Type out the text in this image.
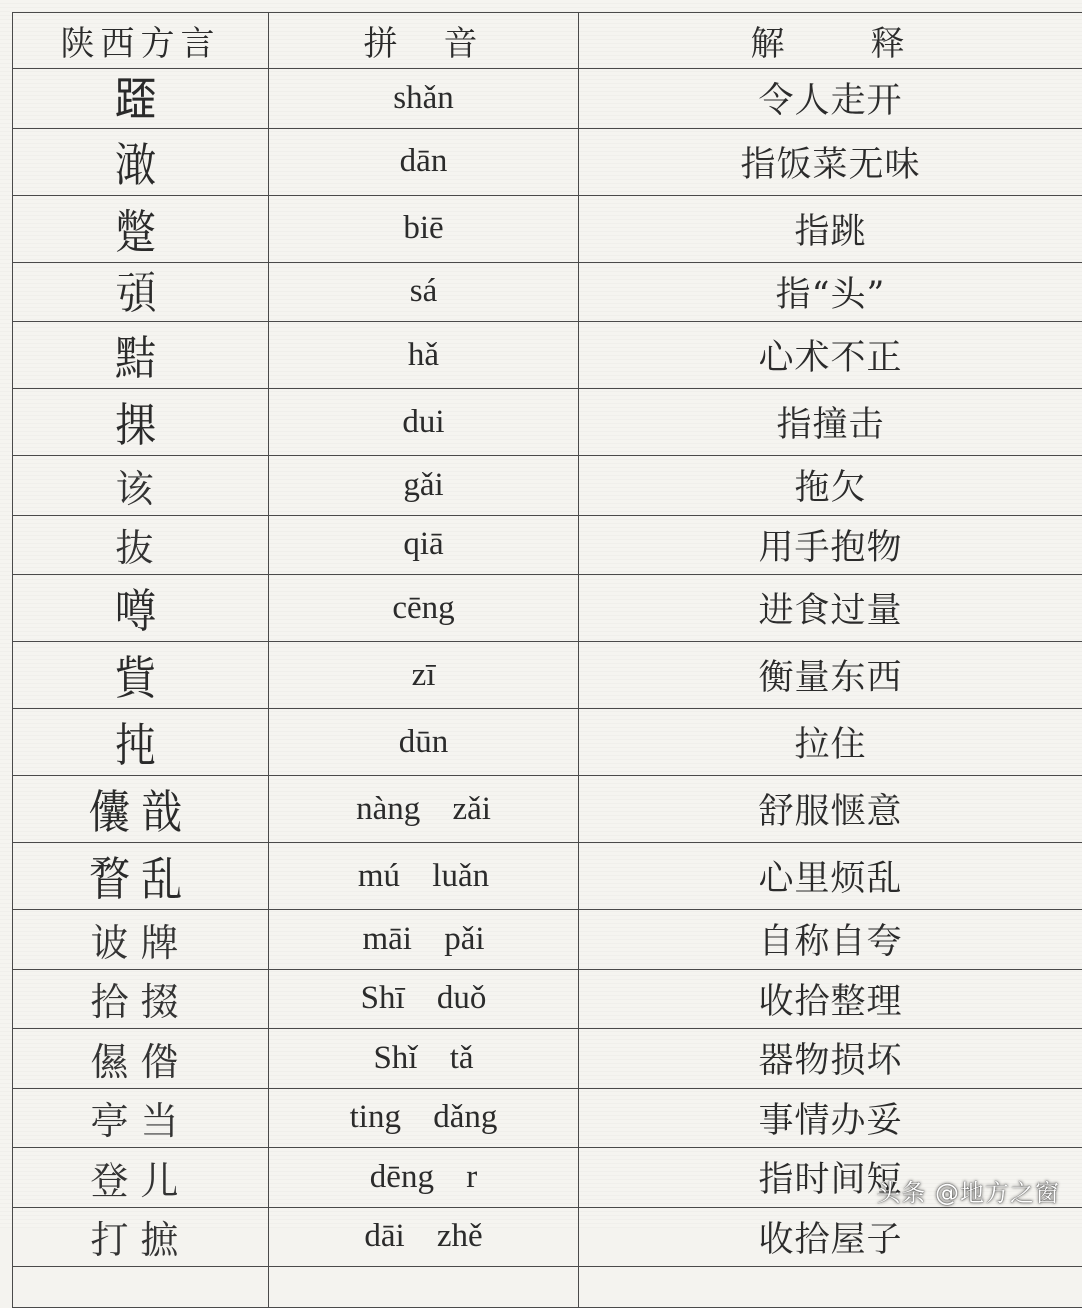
陕西方言	拼　音	解　　释
𨂿	shǎn	令人走开
澉	dān	指饭菜无味
蹩	biē	指跳
𩑕	sá	指“头”
黠	hǎ	心术不正
捰	dui	指撞击
该	gǎi	拖欠
抜	qiā	用手抱物
噂	cēng	进食过量
貲	zī	衡量东西
扽	dūn	拉住
儾戠	nàng zǎi	舒服惬意
瞀乱	mú luǎn	心里烦乱
诐牌	māi pǎi	自称自夸
拾掇	Shī duǒ	收拾整理
儑偺	Shǐ tǎ	器物损坏
亭当	ting dǎng	事情办妥
登儿	dēng r	指时间短
打摭	dāi zhě	收拾屋子

头条 @地方之窗
